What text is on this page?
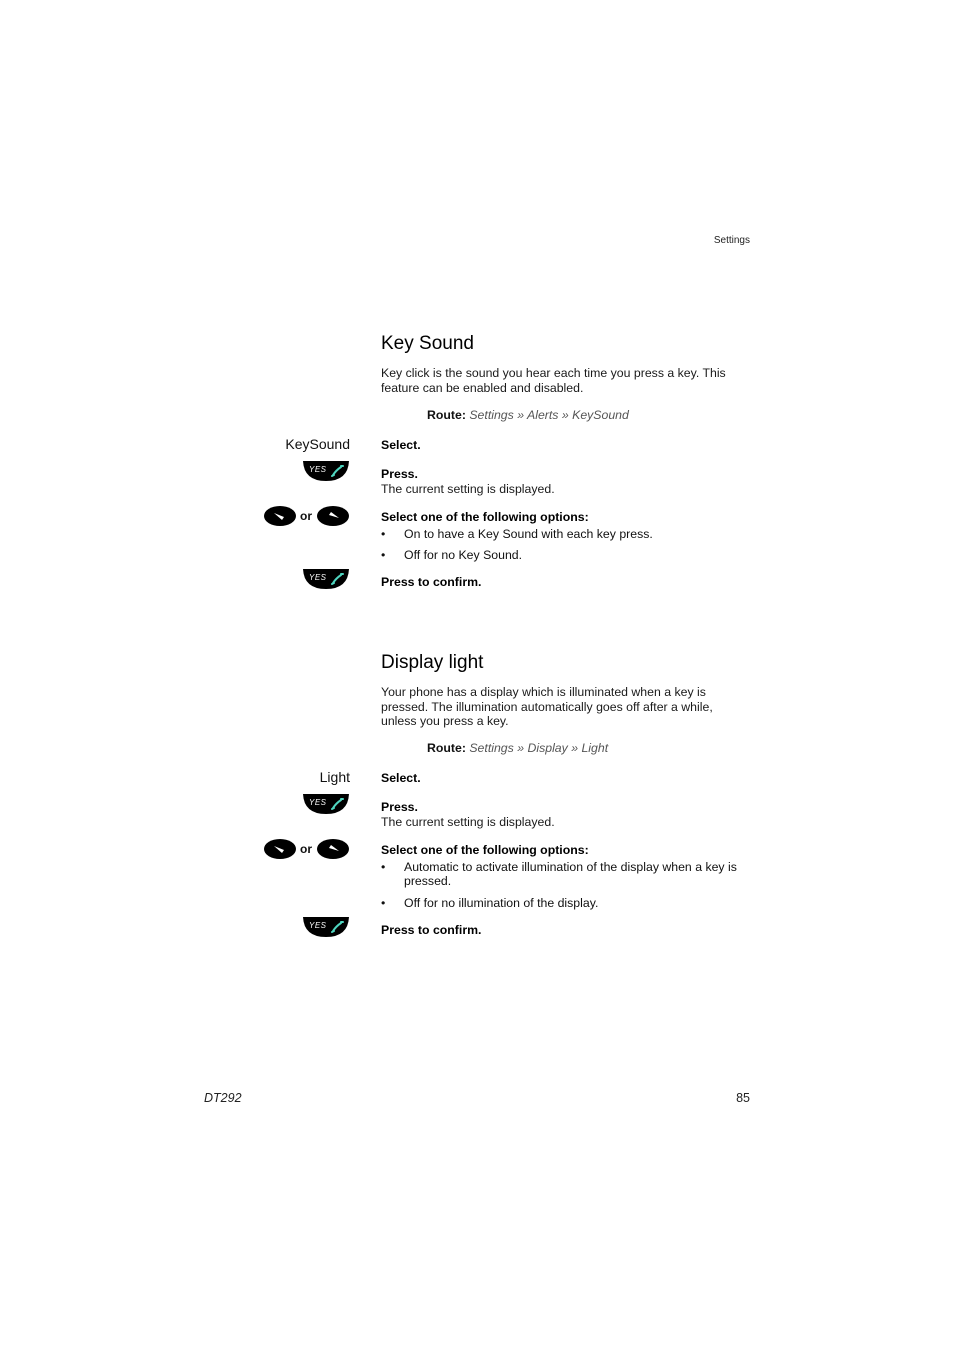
Settings
Key Sound

Key click is the sound you hear each time you press a key. This feature can be enabled and disabled.

Route: Settings » Alerts » KeySound
KeySound	Select.
YES	Press.
The current setting is displayed.
or	Select one of the following options:
• On to have a Key Sound with each key press.
• Off for no Key Sound.
YES	Press to confirm.
Display light

Your phone has a display which is illuminated when a key is pressed. The illumination automatically goes off after a while, unless you press a key.

Route: Settings » Display » Light
Light	Select.
YES	Press.
The current setting is displayed.
or	Select one of the following options:
• Automatic to activate illumination of the display when a key is pressed.
• Off for no illumination of the display.
YES	Press to confirm.
DT292	85
